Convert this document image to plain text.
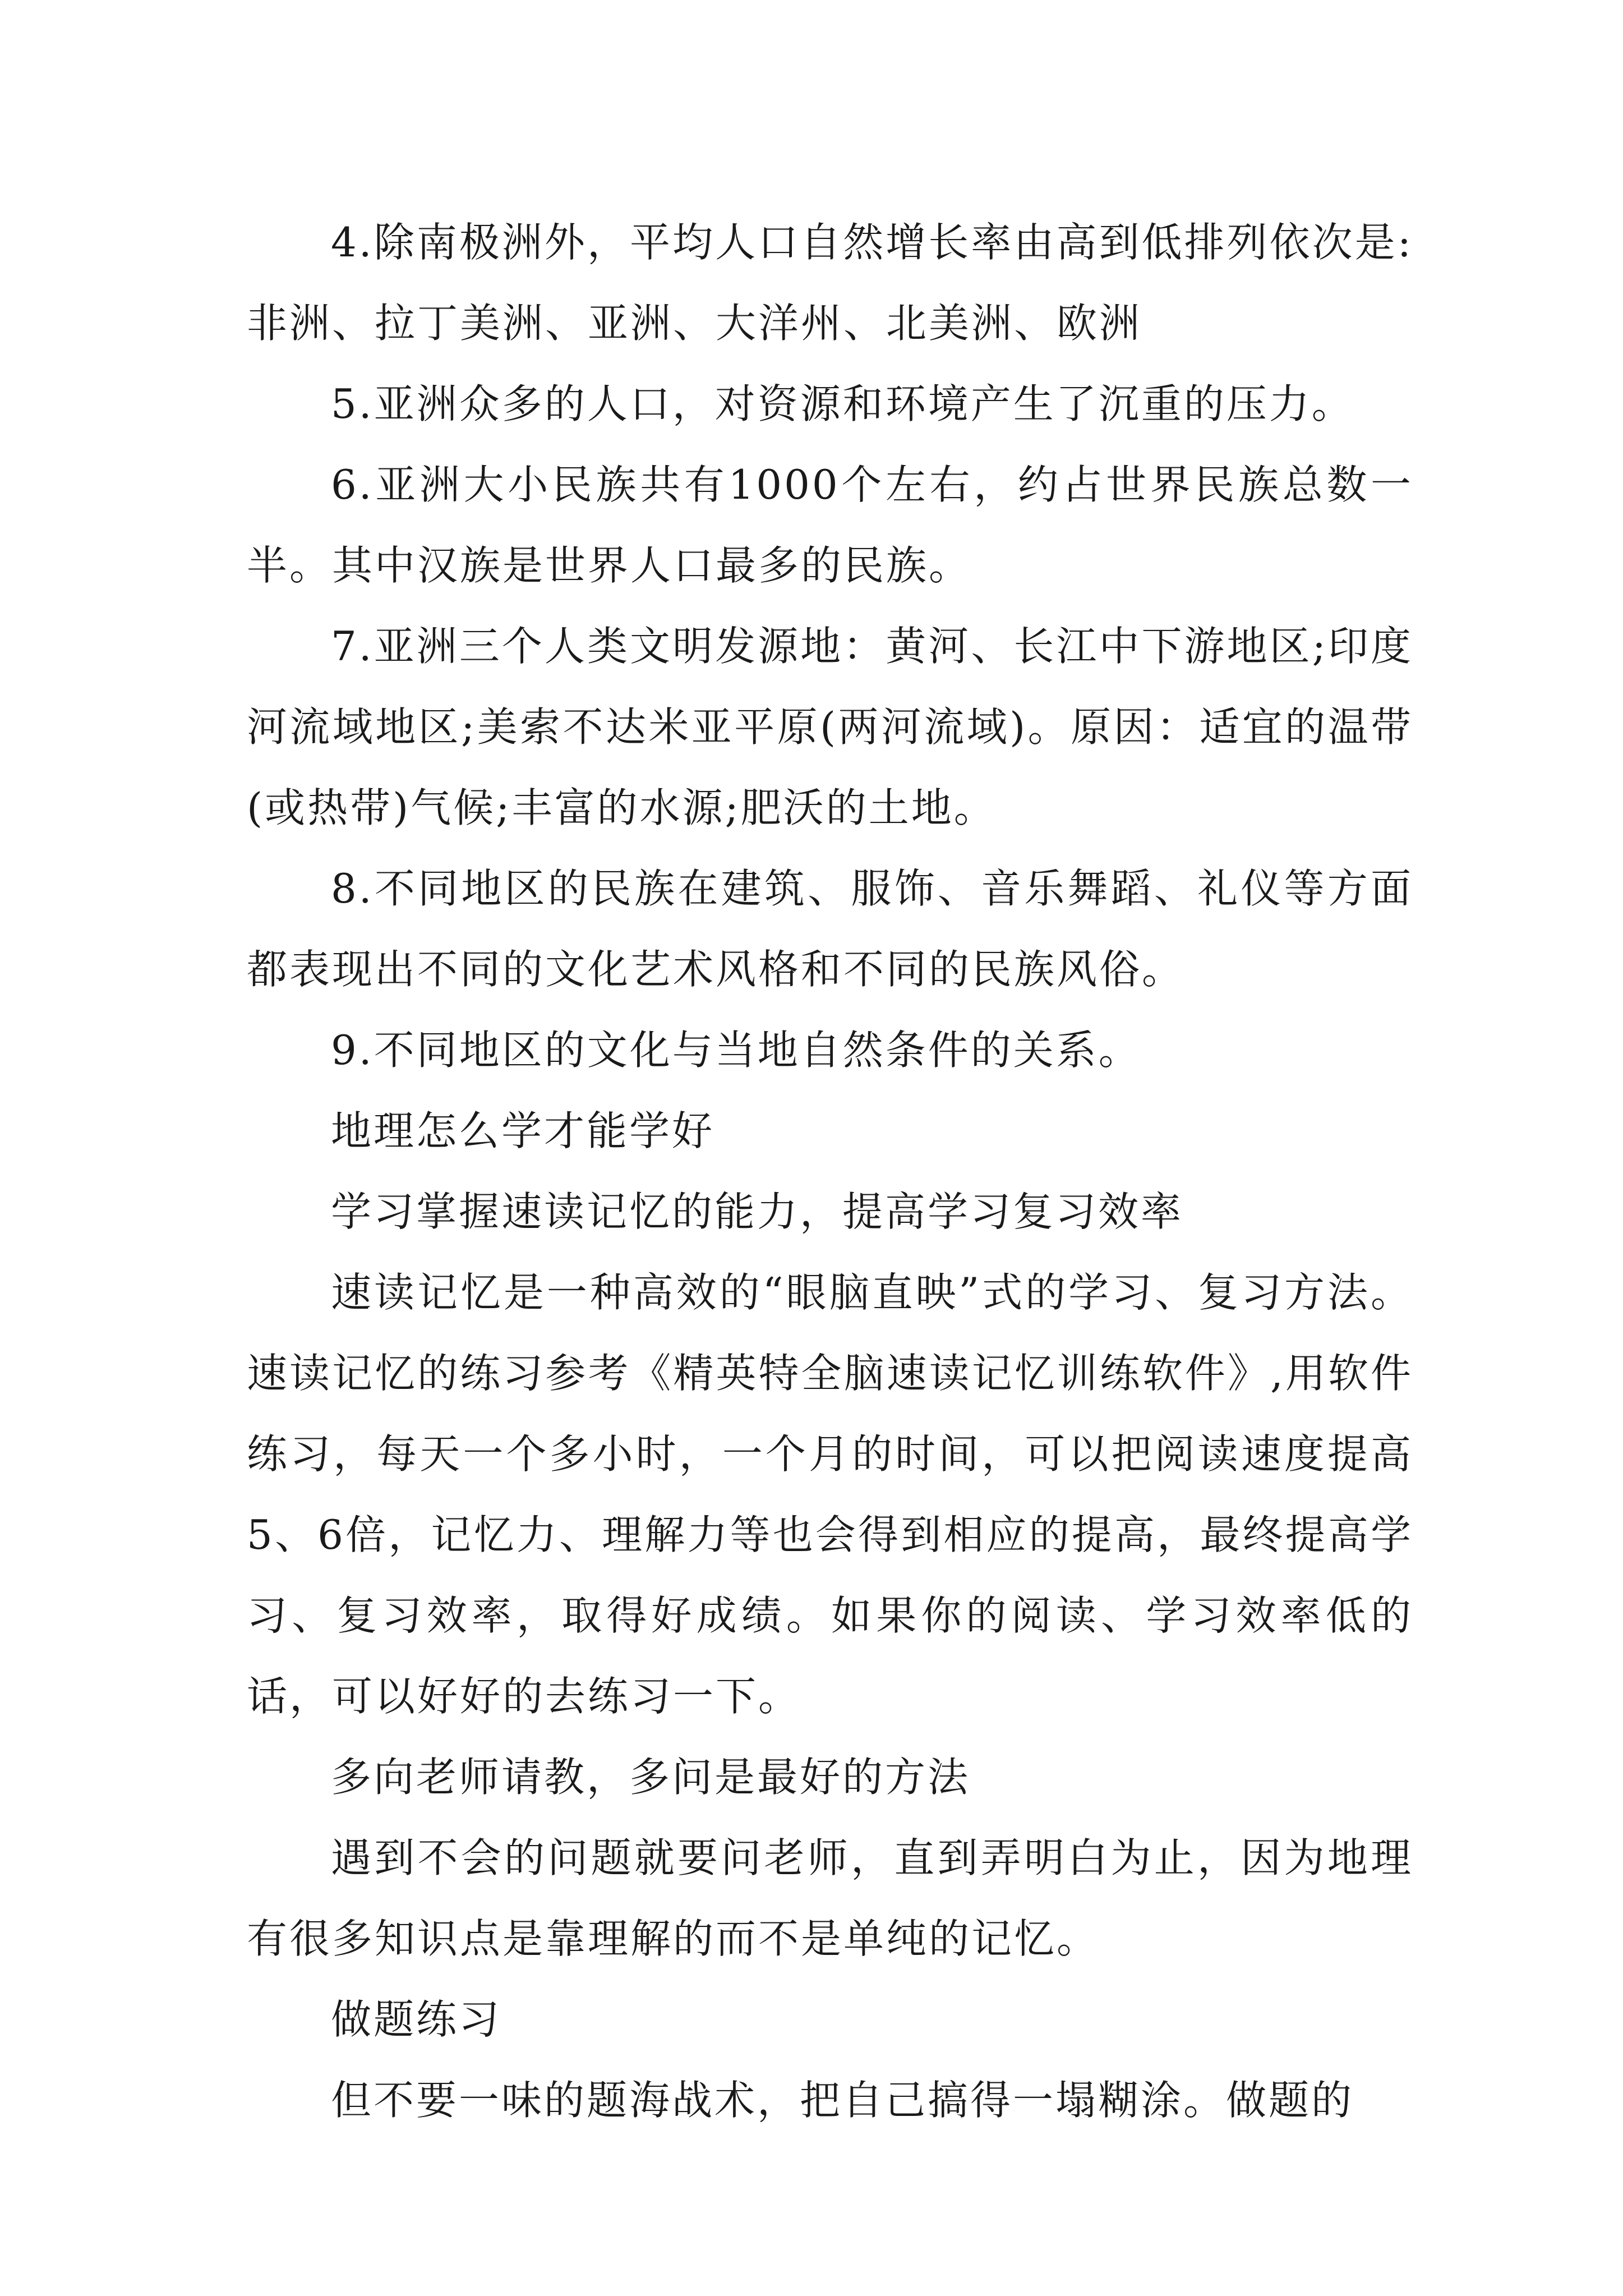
4.除南极洲外，平均人口自然增长率由高到低排列依次是:非洲、拉丁美洲、亚洲、大洋州、北美洲、欧洲

5.亚洲众多的人口，对资源和环境产生了沉重的压力。

6.亚洲大小民族共有1000个左右，约占世界民族总数一半。其中汉族是世界人口最多的民族。

7.亚洲三个人类文明发源地：黄河、长江中下游地区;印度河流域地区;美索不达米亚平原(两河流域)。原因：适宜的温带(或热带)气候;丰富的水源;肥沃的土地。

8.不同地区的民族在建筑、服饰、音乐舞蹈、礼仪等方面都表现出不同的文化艺术风格和不同的民族风俗。

9.不同地区的文化与当地自然条件的关系。

地理怎么学才能学好

学习掌握速读记忆的能力，提高学习复习效率

速读记忆是一种高效的“眼脑直映”式的学习、复习方法。速读记忆的练习参考《精英特全脑速读记忆训练软件》,用软件练习，每天一个多小时，一个月的时间，可以把阅读速度提高5、6倍，记忆力、理解力等也会得到相应的提高，最终提高学习、复习效率，取得好成绩。如果你的阅读、学习效率低的话，可以好好的去练习一下。

多向老师请教，多问是最好的方法

遇到不会的问题就要问老师，直到弄明白为止，因为地理有很多知识点是靠理解的而不是单纯的记忆。

做题练习

但不要一味的题海战术，把自己搞得一塌糊涂。做题的
